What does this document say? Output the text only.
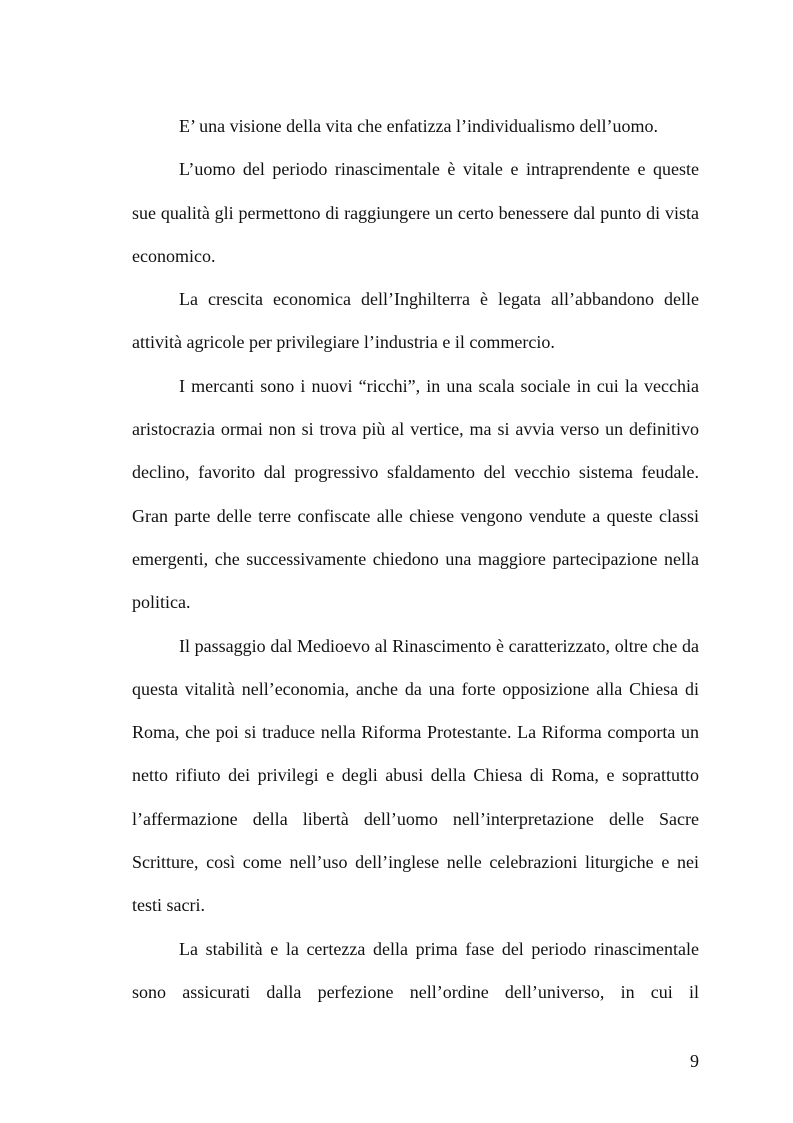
E’ una visione della vita che enfatizza l’individualismo dell’uomo.

L’uomo del periodo rinascimentale è vitale e intraprendente e queste sue qualità gli permettono di raggiungere un certo benessere dal punto di vista economico.

La crescita economica dell’Inghilterra è legata all’abbandono delle attività agricole per privilegiare l’industria e il commercio.

I mercanti sono i nuovi “ricchi”, in una scala sociale in cui la vecchia aristocrazia ormai non si trova più al vertice, ma si avvia verso un definitivo declino, favorito dal progressivo sfaldamento del vecchio sistema feudale. Gran parte delle terre confiscate alle chiese vengono vendute a queste classi emergenti, che successivamente chiedono una maggiore partecipazione nella politica.

Il passaggio dal Medioevo al Rinascimento è caratterizzato, oltre che da questa vitalità nell’economia, anche da una forte opposizione alla Chiesa di Roma, che poi si traduce nella Riforma Protestante. La Riforma comporta un netto rifiuto dei privilegi e degli abusi della Chiesa di Roma, e soprattutto l’affermazione della libertà dell’uomo nell’interpretazione delle Sacre Scritture, così come nell’uso dell’inglese nelle celebrazioni liturgiche e nei testi sacri.

La stabilità e la certezza della prima fase del periodo rinascimentale sono assicurati dalla perfezione nell’ordine dell’universo, in cui il

9
